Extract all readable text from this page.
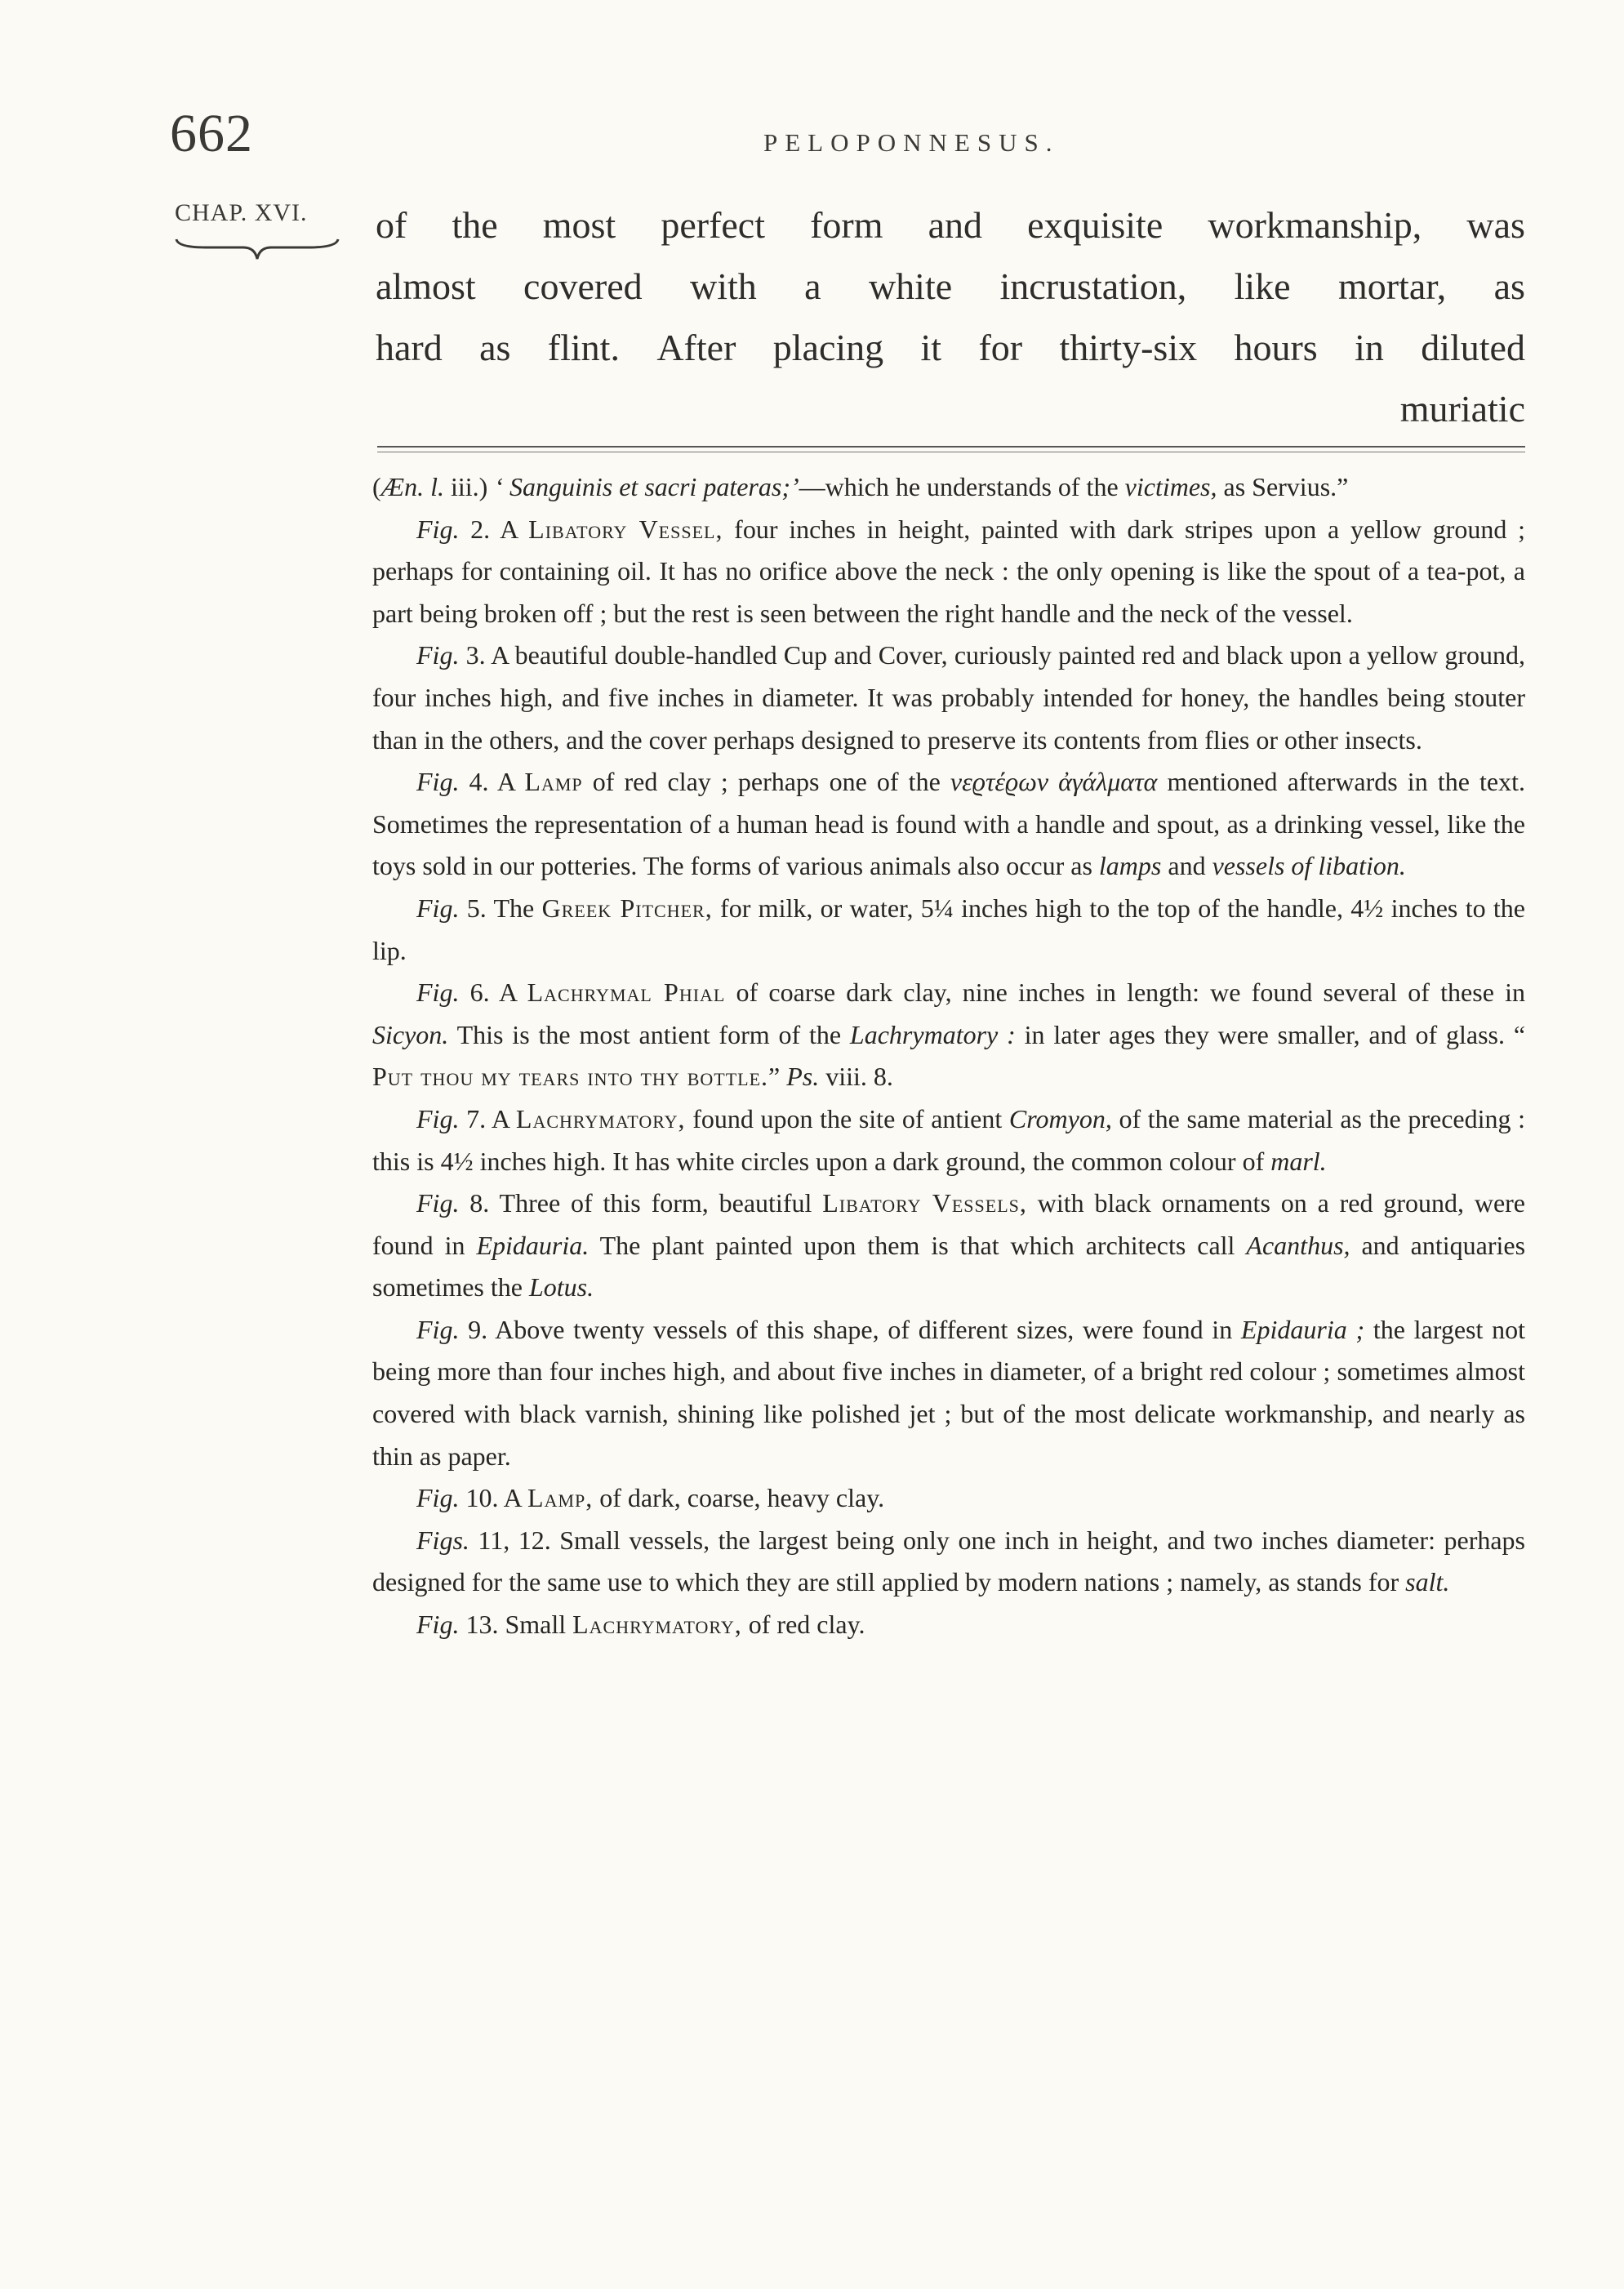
662	PELOPONNESUS.
CHAP. XVI. of the most perfect form and exquisite workmanship, was
almost covered with a white incrustation, like mortar, as
hard as flint. After placing it for thirty-six hours in diluted
muriatic

(Æn. l. iii.) ‘ Sanguinis et sacri pateras;’—which he understands of the victimes, as Servius.”

Fig. 2. A Libatory Vessel, four inches in height, painted with dark stripes upon a yellow ground ; perhaps for containing oil. It has no orifice above the neck : the only opening is like the spout of a tea-pot, a part being broken off ; but the rest is seen between the right handle and the neck of the vessel.

Fig. 3. A beautiful double-handled Cup and Cover, curiously painted red and black upon a yellow ground, four inches high, and five inches in diameter. It was probably intended for honey, the handles being stouter than in the others, and the cover perhaps designed to preserve its contents from flies or other insects.

Fig. 4. A Lamp of red clay ; perhaps one of the νεϱτέϱων ἀγάλματα mentioned afterwards in the text. Sometimes the representation of a human head is found with a handle and spout, as a drinking vessel, like the toys sold in our potteries. The forms of various animals also occur as lamps and vessels of libation.

Fig. 5. The Greek Pitcher, for milk, or water, 5¼ inches high to the top of the handle, 4½ inches to the lip.

Fig. 6. A Lachrymal Phial of coarse dark clay, nine inches in length: we found several of these in Sicyon. This is the most antient form of the Lachrymatory : in later ages they were smaller, and of glass. “ Put thou my tears into thy bottle.” Ps. viii. 8.

Fig. 7. A Lachrymatory, found upon the site of antient Cromyon, of the same material as the preceding : this is 4½ inches high. It has white circles upon a dark ground, the common colour of marl.

Fig. 8. Three of this form, beautiful Libatory Vessels, with black ornaments on a red ground, were found in Epidauria. The plant painted upon them is that which architects call Acanthus, and antiquaries sometimes the Lotus.

Fig. 9. Above twenty vessels of this shape, of different sizes, were found in Epidauria ; the largest not being more than four inches high, and about five inches in diameter, of a bright red colour ; sometimes almost covered with black varnish, shining like polished jet ; but of the most delicate workmanship, and nearly as thin as paper.

Fig. 10. A Lamp, of dark, coarse, heavy clay.

Figs. 11, 12. Small vessels, the largest being only one inch in height, and two inches diameter: perhaps designed for the same use to which they are still applied by modern nations ; namely, as stands for salt.

Fig. 13. Small Lachrymatory, of red clay.
